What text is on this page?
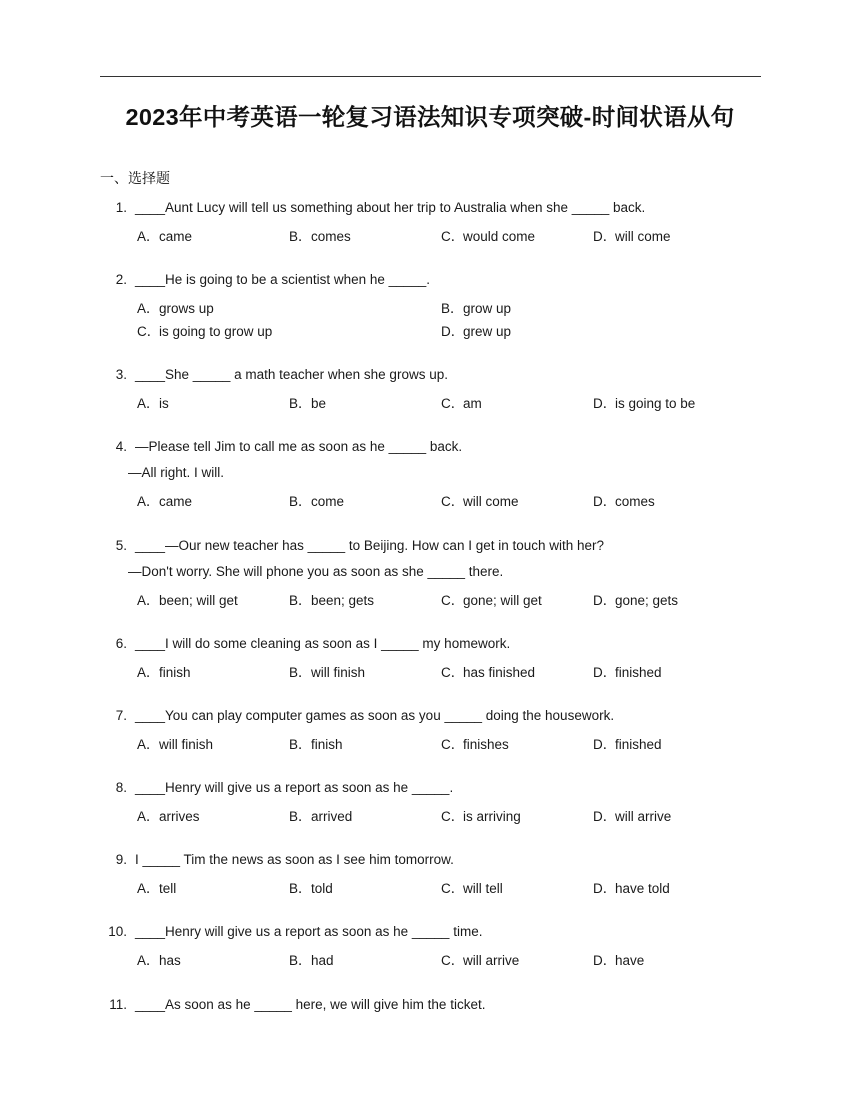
2023年中考英语一轮复习语法知识专项突破-时间状语从句
一、选择题
1. ____Aunt Lucy will tell us something about her trip to Australia when she _____ back.
A．came	B．comes	C．would come	D．will come
2. ____He is going to be a scientist when he _____.
A．grows up	B．grow up
C．is going to grow up	D．grew up
3. ____She _____ a math teacher when she grows up.
A．is	B．be	C．am	D．is going to be
4. —Please tell Jim to call me as soon as he _____ back.
—All right. I will.
A．came	B．come	C．will come	D．comes
5. ____—Our new teacher has _____ to Beijing. How can I get in touch with her?
—Don't worry. She will phone you as soon as she _____ there.
A．been; will get	B．been; gets	C．gone; will get	D．gone; gets
6. ____I will do some cleaning as soon as I _____ my homework.
A．finish	B．will finish	C．has finished	D．finished
7. ____You can play computer games as soon as you _____ doing the housework.
A．will finish	B．finish	C．finishes	D．finished
8. ____Henry will give us a report as soon as he _____.
A．arrives	B．arrived	C．is arriving	D．will arrive
9. I _____ Tim the news as soon as I see him tomorrow.
A．tell	B．told	C．will tell	D．have told
10. ____Henry will give us a report as soon as he _____ time.
A．has	B．had	C．will arrive	D．have
11. ____As soon as he _____ here, we will give him the ticket.
